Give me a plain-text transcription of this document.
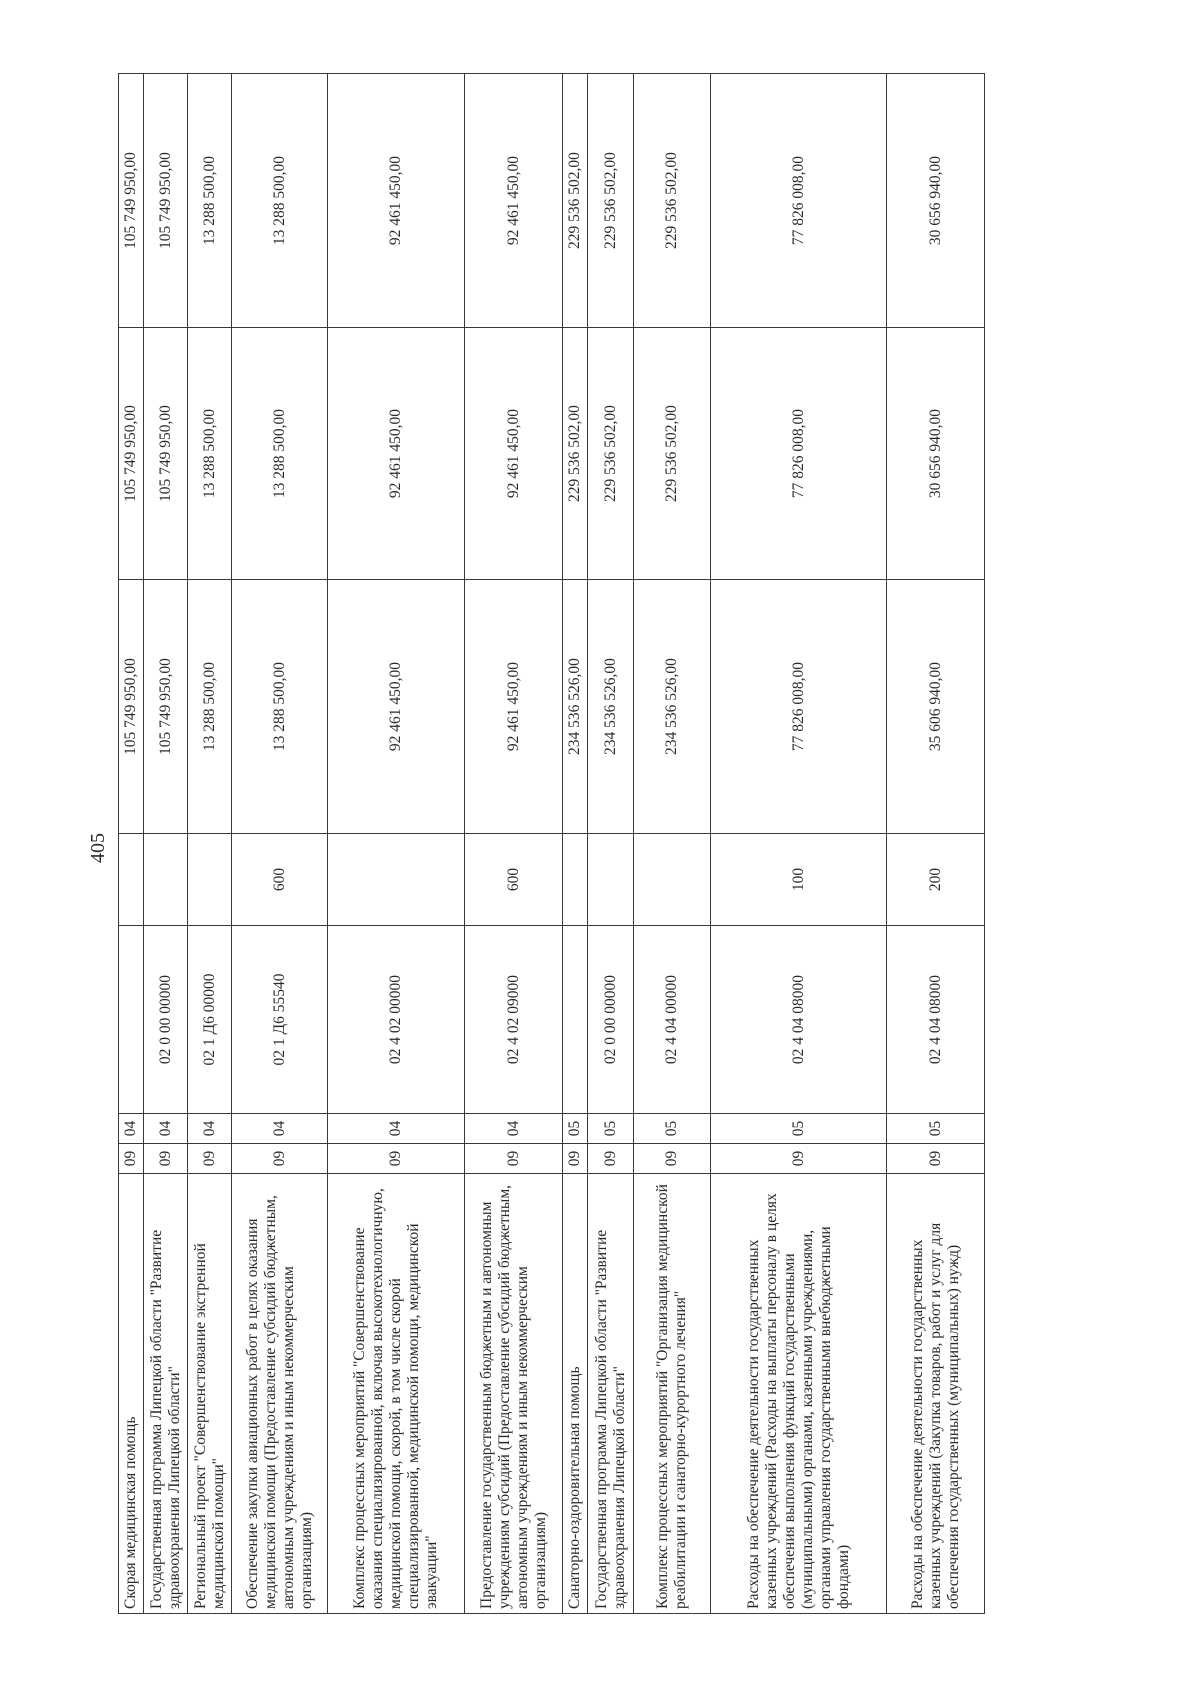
405
Скорая медицинская помощь	09	04			105 749 950,00	105 749 950,00	105 749 950,00
Государственная программа Липецкой области "Развитие здравоохранения Липецкой области"	09	04	02 0 00 00000		105 749 950,00	105 749 950,00	105 749 950,00
Региональный проект "Совершенствование экстренной медицинской помощи"	09	04	02 1 Д6 00000		13 288 500,00	13 288 500,00	13 288 500,00
Обеспечение закупки авиационных работ в целях оказания медицинской помощи (Предоставление субсидий бюджетным, автономным учреждениям и иным некоммерческим организациям)	09	04	02 1 Д6 55540	600	13 288 500,00	13 288 500,00	13 288 500,00
Комплекс процессных мероприятий "Совершенствование оказания специализированной, включая высокотехнологичную, медицинской помощи, скорой, в том числе скорой специализированной, медицинской помощи, медицинской эвакуации"	09	04	02 4 02 00000		92 461 450,00	92 461 450,00	92 461 450,00
Предоставление государственным бюджетным и автономным учреждениям субсидий (Предоставление субсидий бюджетным, автономным учреждениям и иным некоммерческим организациям)	09	04	02 4 02 09000	600	92 461 450,00	92 461 450,00	92 461 450,00
Санаторно-оздоровительная помощь	09	05			234 536 526,00	229 536 502,00	229 536 502,00
Государственная программа Липецкой области "Развитие здравоохранения Липецкой области"	09	05	02 0 00 00000		234 536 526,00	229 536 502,00	229 536 502,00
Комплекс процессных мероприятий "Организация медицинской реабилитации и санаторно-курортного лечения"	09	05	02 4 04 00000		234 536 526,00	229 536 502,00	229 536 502,00
Расходы на обеспечение деятельности государственных казенных учреждений (Расходы на выплаты персоналу в целях обеспечения выполнения функций государственными (муниципальными) органами, казенными учреждениями, органами управления государственными внебюджетными фондами)	09	05	02 4 04 08000	100	77 826 008,00	77 826 008,00	77 826 008,00
Расходы на обеспечение деятельности государственных казенных учреждений (Закупка товаров, работ и услуг для обеспечения государственных (муниципальных) нужд)	09	05	02 4 04 08000	200	35 606 940,00	30 656 940,00	30 656 940,00
